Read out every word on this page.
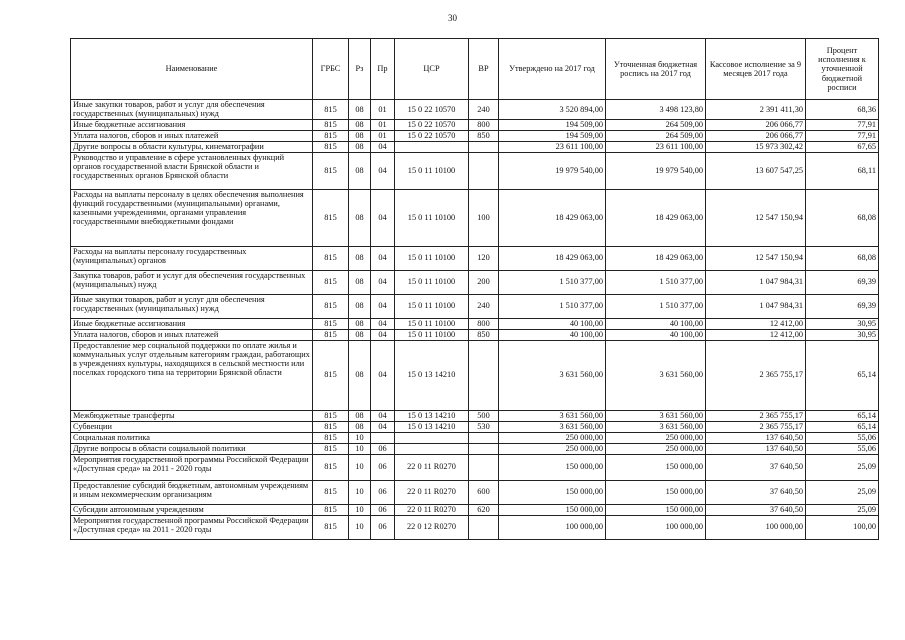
30
Наименование	ГРБС	Рз	Пр	ЦСР	ВР	Утверждено на 2017 год	Уточненная бюджетная роспись на 2017 год	Кассовое исполнение за 9 месяцев 2017 года	Процент исполнения к уточненной бюджетной росписи
Иные закупки товаров, работ и услуг для обеспечения государственных (муниципальных) нужд	815	08	01	15 0 22 10570	240	3 520 894,00	3 498 123,80	2 391 411,30	68,36
Иные бюджетные ассигнования	815	08	01	15 0 22 10570	800	194 509,00	264 509,00	206 066,77	77,91
Уплата налогов, сборов и иных платежей	815	08	01	15 0 22 10570	850	194 509,00	264 509,00	206 066,77	77,91
Другие вопросы в области культуры, кинематографии	815	08	04			23 611 100,00	23 611 100,00	15 973 302,42	67,65
Руководство и управление в сфере установленных функций органов государственной власти Брянской области и государственных органов Брянской области	815	08	04	15 0 11 10100		19 979 540,00	19 979 540,00	13 607 547,25	68,11
Расходы на выплаты персоналу в целях обеспечения выполнения функций государственными (муниципальными) органами, казенными учреждениями, органами управления государственными внебюджетными фондами	815	08	04	15 0 11 10100	100	18 429 063,00	18 429 063,00	12 547 150,94	68,08
Расходы на выплаты персоналу государственных (муниципальных) органов	815	08	04	15 0 11 10100	120	18 429 063,00	18 429 063,00	12 547 150,94	68,08
Закупка товаров, работ и услуг для обеспечения государственных (муниципальных) нужд	815	08	04	15 0 11 10100	200	1 510 377,00	1 510 377,00	1 047 984,31	69,39
Иные закупки товаров, работ и услуг для обеспечения государственных (муниципальных) нужд	815	08	04	15 0 11 10100	240	1 510 377,00	1 510 377,00	1 047 984,31	69,39
Иные бюджетные ассигнования	815	08	04	15 0 11 10100	800	40 100,00	40 100,00	12 412,00	30,95
Уплата налогов, сборов и иных платежей	815	08	04	15 0 11 10100	850	40 100,00	40 100,00	12 412,00	30,95
Предоставление мер социальной поддержки по оплате жилья и коммунальных услуг отдельным категориям граждан, работающих в учреждениях культуры, находящихся в сельской местности или поселках городского типа на территории Брянской области	815	08	04	15 0 13 14210		3 631 560,00	3 631 560,00	2 365 755,17	65,14
Межбюджетные трансферты	815	08	04	15 0 13 14210	500	3 631 560,00	3 631 560,00	2 365 755,17	65,14
Субвенции	815	08	04	15 0 13 14210	530	3 631 560,00	3 631 560,00	2 365 755,17	65,14
Социальная политика	815	10				250 000,00	250 000,00	137 640,50	55,06
Другие вопросы в области социальной политики	815	10	06			250 000,00	250 000,00	137 640,50	55,06
Мероприятия государственной программы Российской Федерации «Доступная среда» на 2011 - 2020 годы	815	10	06	22 0 11 R0270		150 000,00	150 000,00	37 640,50	25,09
Предоставление субсидий бюджетным, автономным учреждениям и иным некоммерческим организациям	815	10	06	22 0 11 R0270	600	150 000,00	150 000,00	37 640,50	25,09
Субсидии автономным учреждениям	815	10	06	22 0 11 R0270	620	150 000,00	150 000,00	37 640,50	25,09
Мероприятия государственной программы Российской Федерации «Доступная среда» на 2011 - 2020 годы	815	10	06	22 0 12 R0270		100 000,00	100 000,00	100 000,00	100,00
